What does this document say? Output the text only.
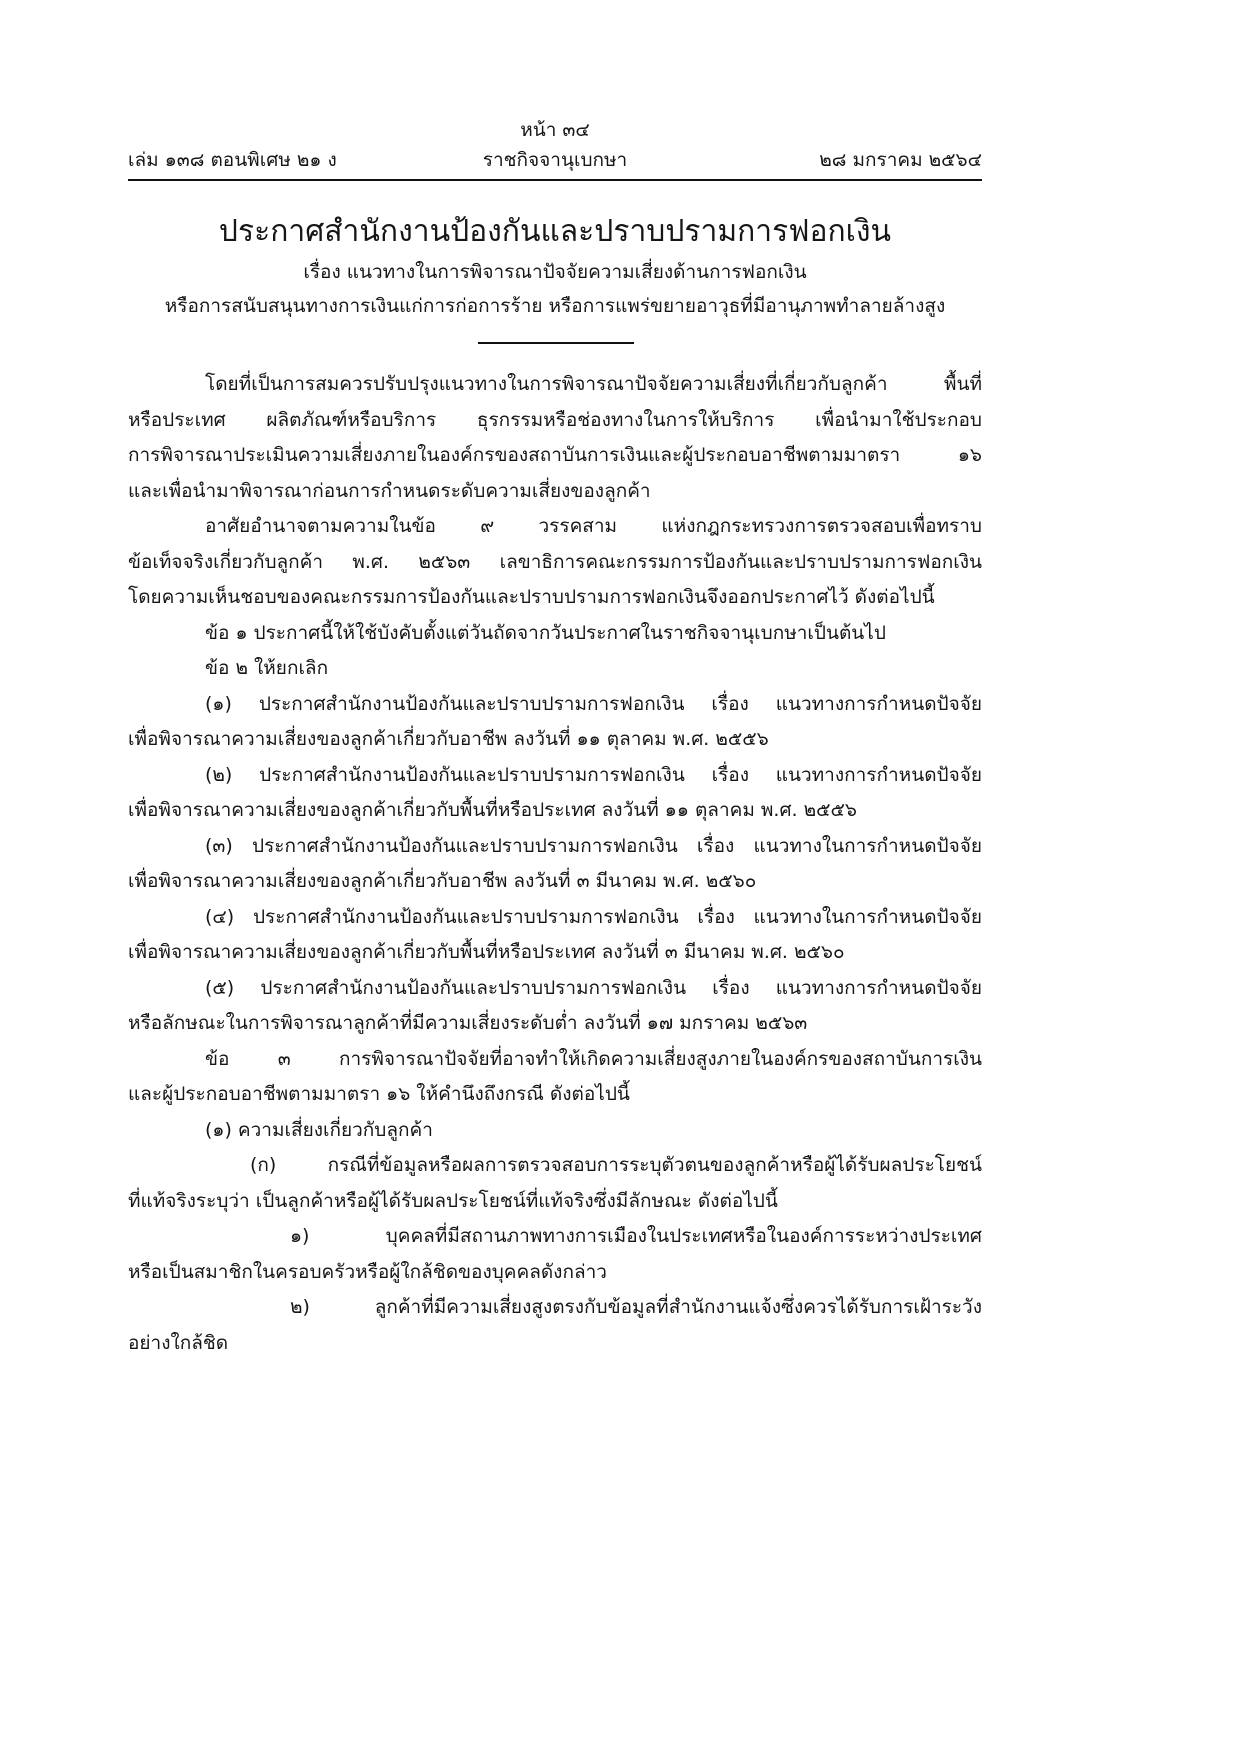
หน้า ๓๔
เล่ม ๑๓๘ ตอนพิเศษ ๒๑ ง	ราชกิจจานุเบกษา	๒๘ มกราคม ๒๕๖๔
ประกาศสำนักงานป้องกันและปราบปรามการฟอกเงิน
เรื่อง แนวทางในการพิจารณาปัจจัยความเสี่ยงด้านการฟอกเงิน
หรือการสนับสนุนทางการเงินแก่การก่อการร้าย หรือการแพร่ขยายอาวุธที่มีอานุภาพทำลายล้างสูง
โดยที่เป็นการสมควรปรับปรุงแนวทางในการพิจารณาปัจจัยความเสี่ยงที่เกี่ยวกับลูกค้า พื้นที่
หรือประเทศ ผลิตภัณฑ์หรือบริการ ธุรกรรมหรือช่องทางในการให้บริการ เพื่อนำมาใช้ประกอบ
การพิจารณาประเมินความเสี่ยงภายในองค์กรของสถาบันการเงินและผู้ประกอบอาชีพตามมาตรา ๑๖
และเพื่อนำมาพิจารณาก่อนการกำหนดระดับความเสี่ยงของลูกค้า
อาศัยอำนาจตามความในข้อ ๙ วรรคสาม แห่งกฎกระทรวงการตรวจสอบเพื่อทราบ
ข้อเท็จจริงเกี่ยวกับลูกค้า พ.ศ. ๒๕๖๓ เลขาธิการคณะกรรมการป้องกันและปราบปรามการฟอกเงิน
โดยความเห็นชอบของคณะกรรมการป้องกันและปราบปรามการฟอกเงินจึงออกประกาศไว้ ดังต่อไปนี้
ข้อ ๑ ประกาศนี้ให้ใช้บังคับตั้งแต่วันถัดจากวันประกาศในราชกิจจานุเบกษาเป็นต้นไป
ข้อ ๒ ให้ยกเลิก
(๑) ประกาศสำนักงานป้องกันและปราบปรามการฟอกเงิน เรื่อง แนวทางการกำหนดปัจจัย
เพื่อพิจารณาความเสี่ยงของลูกค้าเกี่ยวกับอาชีพ ลงวันที่ ๑๑ ตุลาคม พ.ศ. ๒๕๕๖
(๒) ประกาศสำนักงานป้องกันและปราบปรามการฟอกเงิน เรื่อง แนวทางการกำหนดปัจจัย
เพื่อพิจารณาความเสี่ยงของลูกค้าเกี่ยวกับพื้นที่หรือประเทศ ลงวันที่ ๑๑ ตุลาคม พ.ศ. ๒๕๕๖
(๓) ประกาศสำนักงานป้องกันและปราบปรามการฟอกเงิน เรื่อง แนวทางในการกำหนดปัจจัย
เพื่อพิจารณาความเสี่ยงของลูกค้าเกี่ยวกับอาชีพ ลงวันที่ ๓ มีนาคม พ.ศ. ๒๕๖๐
(๔) ประกาศสำนักงานป้องกันและปราบปรามการฟอกเงิน เรื่อง แนวทางในการกำหนดปัจจัย
เพื่อพิจารณาความเสี่ยงของลูกค้าเกี่ยวกับพื้นที่หรือประเทศ ลงวันที่ ๓ มีนาคม พ.ศ. ๒๕๖๐
(๕) ประกาศสำนักงานป้องกันและปราบปรามการฟอกเงิน เรื่อง แนวทางการกำหนดปัจจัย
หรือลักษณะในการพิจารณาลูกค้าที่มีความเสี่ยงระดับต่ำ ลงวันที่ ๑๗ มกราคม ๒๕๖๓
ข้อ ๓ การพิจารณาปัจจัยที่อาจทำให้เกิดความเสี่ยงสูงภายในองค์กรของสถาบันการเงิน
และผู้ประกอบอาชีพตามมาตรา ๑๖ ให้คำนึงถึงกรณี ดังต่อไปนี้
(๑) ความเสี่ยงเกี่ยวกับลูกค้า
(ก) กรณีที่ข้อมูลหรือผลการตรวจสอบการระบุตัวตนของลูกค้าหรือผู้ได้รับผลประโยชน์
ที่แท้จริงระบุว่า เป็นลูกค้าหรือผู้ได้รับผลประโยชน์ที่แท้จริงซึ่งมีลักษณะ ดังต่อไปนี้
๑) บุคคลที่มีสถานภาพทางการเมืองในประเทศหรือในองค์การระหว่างประเทศ
หรือเป็นสมาชิกในครอบครัวหรือผู้ใกล้ชิดของบุคคลดังกล่าว
๒) ลูกค้าที่มีความเสี่ยงสูงตรงกับข้อมูลที่สำนักงานแจ้งซึ่งควรได้รับการเฝ้าระวัง
อย่างใกล้ชิด
